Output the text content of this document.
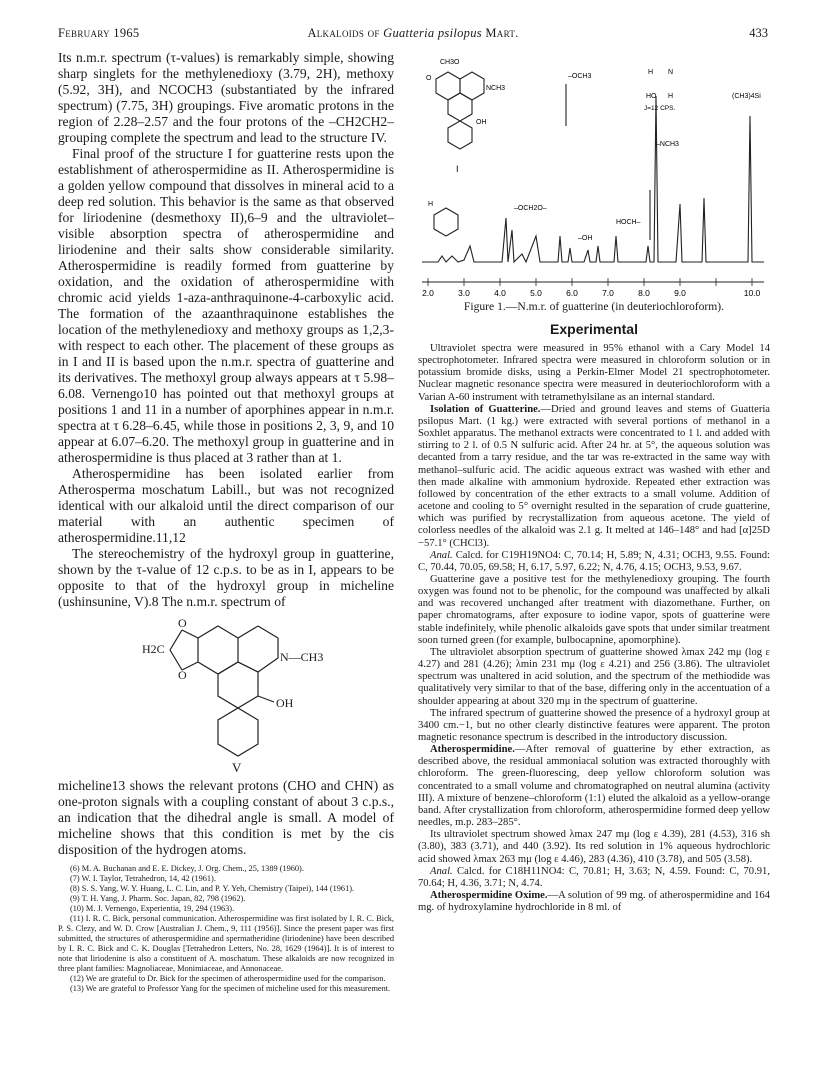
February 1965	Alkaloids of Guatteria psilopus Mart.	433

Its n.m.r. spectrum (τ-values) is remarkably simple, showing sharp singlets for the methylenedioxy (3.79, 2H), methoxy (5.92, 3H), and NCOCH3 (substantiated by the infrared spectrum) (7.75, 3H) groupings. Five aromatic protons in the region of 2.28–2.57 and the four protons of the –CH2CH2– grouping complete the spectrum and lead to the structure IV.

Final proof of the structure I for guatterine rests upon the establishment of atherospermidine as II. Atherospermidine is a golden yellow compound that dissolves in mineral acid to a deep red solution. This behavior is the same as that observed for liriodenine (desmethoxy II),6–9 and the ultraviolet–visible absorption spectra of atherospermidine and liriodenine and their salts show considerable similarity. Atherospermidine is readily formed from guatterine by oxidation, and the oxidation of atherospermidine with chromic acid yields 1-aza-anthraquinone-4-carboxylic acid. The formation of the azaanthraquinone establishes the location of the methylenedioxy and methoxy groups as 1,2,3- with respect to each other. The placement of these groups as in I and II is based upon the n.m.r. spectra of guatterine and its derivatives. The methoxyl group always appears at τ 5.98–6.08. Vernengo10 has pointed out that methoxyl groups at positions 1 and 11 in a number of aporphines appear in n.m.r. spectra at τ 6.28–6.45, while those in positions 2, 3, 9, and 10 appear at 6.07–6.20. The methoxyl group in guatterine and in atherospermidine is thus placed at 3 rather than at 1.

Atherospermidine has been isolated earlier from Atherosperma moschatum Labill., but was not recognized identical with our alkaloid until the direct comparison of our material with an authentic specimen of atherospermidine.11,12

The stereochemistry of the hydroxyl group in guatterine, shown by the τ-value of 12 c.p.s. to be as in I, appears to be opposite to that of the hydroxyl group in micheline (ushinsunine, V).8 The n.m.r. spectrum of

O
O
H2C
N—CH3
OH
V

micheline13 shows the relevant protons (CHO and CHN) as one-proton signals with a coupling constant of about 3 c.p.s., an indication that the dihedral angle is small. A model of micheline shows that this condition is met by the cis disposition of the hydrogen atoms.

(6) M. A. Buchanan and E. E. Dickey, J. Org. Chem., 25, 1389 (1960).

(7) W. I. Taylor, Tetrahedron, 14, 42 (1961).

(8) S. S. Yang, W. Y. Huang, L. C. Lin, and P. Y. Yeh, Chemistry (Taipei), 144 (1961).

(9) T. H. Yang, J. Pharm. Soc. Japan, 82, 798 (1962).

(10) M. J. Vernengo, Experientia, 19, 294 (1963).

(11) I. R. C. Bick, personal communication. Atherospermidine was first isolated by I. R. C. Bick, P. S. Clezy, and W. D. Crow [Australian J. Chem., 9, 111 (1956)]. Since the present paper was first submitted, the structures of atherospermidine and spermatheridine (liriodenine) have been described by I. R. C. Bick and C. K. Douglas [Tetrahedron Letters, No. 28, 1629 (1964)]. It is of interest to note that liriodenine is also a constituent of A. moschatum. These alkaloids are now recognized in three plant families: Magnoliaceae, Monimiaceae, and Annonaceae.

(12) We are grateful to Dr. Bick for the specimen of atherospermidine used for the comparison.

(13) We are grateful to Professor Yang for the specimen of micheline used for this measurement.

2.0	3.0	4.0	5.0	6.0	7.0	8.0	9.0	10.0
CH3O
O
NCH3
OH
I
–OCH3
H N
HO H
J=12 CPS.
(CH3)4Si
–NCH3
–OCH2O–
HOCH–
–OH
H
Figure 1.—N.m.r. of guatterine (in deuteriochloroform).
Experimental

Ultraviolet spectra were measured in 95% ethanol with a Cary Model 14 spectrophotometer. Infrared spectra were measured in chloroform solution or in potassium bromide disks, using a Perkin-Elmer Model 21 spectrophotometer. Nuclear magnetic resonance spectra were measured in deuteriochloroform with a Varian A-60 instrument with tetramethylsilane as an internal standard.

Isolation of Guatterine.—Dried and ground leaves and stems of Guatteria psilopus Mart. (1 kg.) were extracted with several portions of methanol in a Soxhlet apparatus. The methanol extracts were concentrated to 1 l. and added with stirring to 2 l. of 0.5 N sulfuric acid. After 24 hr. at 5°, the aqueous solution was decanted from a tarry residue, and the tar was re-extracted in the same way with methanol–sulfuric acid. The acidic aqueous extract was washed with ether and then made alkaline with ammonium hydroxide. Repeated ether extraction was followed by concentration of the ether extracts to a small volume. Addition of acetone and cooling to 5° overnight resulted in the separation of crude guatterine, which was purified by recrystallization from aqueous acetone. The yield of colorless needles of the alkaloid was 2.1 g. It melted at 146–148° and had [α]25D −57.1° (CHCl3).

Anal. Calcd. for C19H19NO4: C, 70.14; H, 5.89; N, 4.31; OCH3, 9.55. Found: C, 70.44, 70.05, 69.58; H, 6.17, 5.97, 6.22; N, 4.76, 4.15; OCH3, 9.53, 9.67.

Guatterine gave a positive test for the methylenedioxy grouping. The fourth oxygen was found not to be phenolic, for the compound was unaffected by alkali and was recovered unchanged after treatment with diazomethane. Further, on paper chromatograms, after exposure to iodine vapor, spots of guatterine were stable indefinitely, while phenolic alkaloids gave spots that under similar treatment soon turned green (for example, bulbocapnine, apomorphine).

The ultraviolet absorption spectrum of guatterine showed λmax 242 mμ (log ε 4.27) and 281 (4.26); λmin 231 mμ (log ε 4.21) and 256 (3.86). The ultraviolet spectrum was unaltered in acid solution, and the spectrum of the methiodide was qualitatively very similar to that of the base, differing only in the accentuation of a shoulder appearing at about 320 mμ in the spectrum of guatterine.

The infrared spectrum of guatterine showed the presence of a hydroxyl group at 3400 cm.−1, but no other clearly distinctive features were apparent. The proton magnetic resonance spectrum is described in the introductory discussion.

Atherospermidine.—After removal of guatterine by ether extraction, as described above, the residual ammoniacal solution was extracted thoroughly with chloroform. The green-fluorescing, deep yellow chloroform solution was concentrated to a small volume and chromatographed on neutral alumina (activity III). A mixture of benzene–chloroform (1:1) eluted the alkaloid as a yellow-orange band. After crystallization from chloroform, atherospermidine formed deep yellow needles, m.p. 283–285°.

Its ultraviolet spectrum showed λmax 247 mμ (log ε 4.39), 281 (4.53), 316 sh (3.80), 383 (3.71), and 440 (3.92). Its red solution in 1% aqueous hydrochloric acid showed λmax 263 mμ (log ε 4.46), 283 (4.36), 410 (3.78), and 505 (3.58).

Anal. Calcd. for C18H11NO4: C, 70.81; H, 3.63; N, 4.59. Found: C, 70.91, 70.64; H, 4.36, 3.71; N, 4.74.

Atherospermidine Oxime.—A solution of 99 mg. of atherospermidine and 164 mg. of hydroxylamine hydrochloride in 8 ml. of
